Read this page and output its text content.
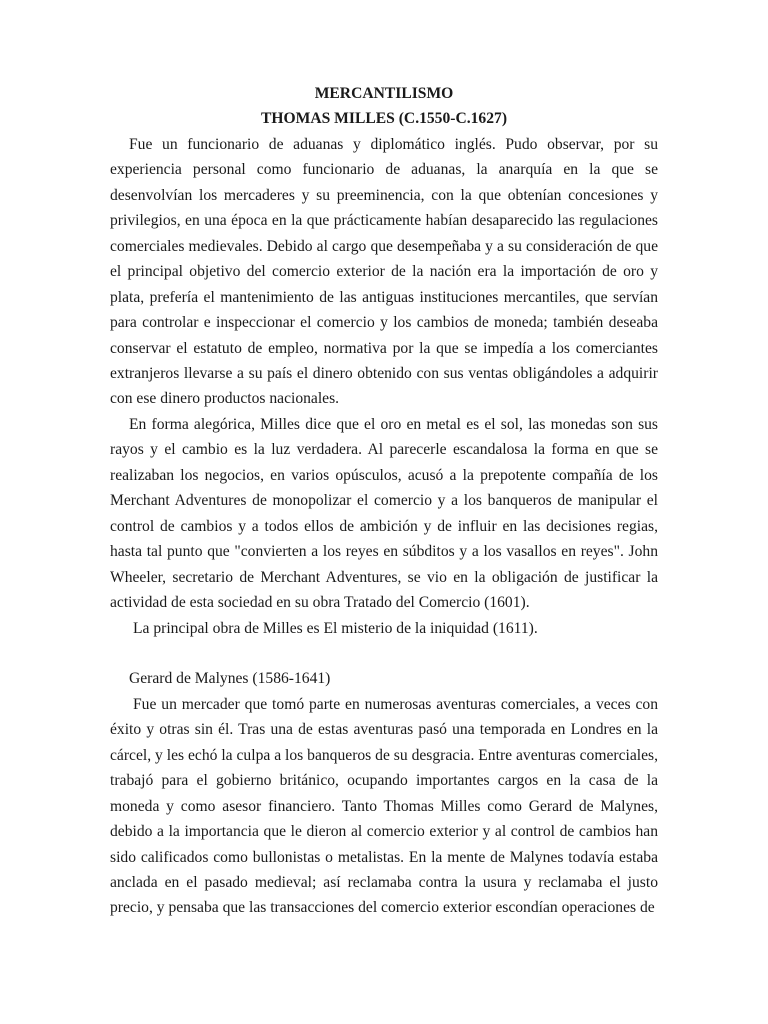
MERCANTILISMO

THOMAS MILLES (C.1550-C.1627)

Fue un funcionario de aduanas y diplomático inglés. Pudo observar, por su experiencia personal como funcionario de aduanas, la anarquía en la que se desenvolvían los mercaderes y su preeminencia, con la que obtenían concesiones y privilegios, en una época en la que prácticamente habían desaparecido las regulaciones comerciales medievales. Debido al cargo que desempeñaba y a su consideración de que el principal objetivo del comercio exterior de la nación era la importación de oro y plata, prefería el mantenimiento de las antiguas instituciones mercantiles, que servían para controlar e inspeccionar el comercio y los cambios de moneda; también deseaba conservar el estatuto de empleo, normativa por la que se impedía a los comerciantes extranjeros llevarse a su país el dinero obtenido con sus ventas obligándoles a adquirir con ese dinero productos nacionales.

En forma alegórica, Milles dice que el oro en metal es el sol, las monedas son sus rayos y el cambio es la luz verdadera. Al parecerle escandalosa la forma en que se realizaban los negocios, en varios opúsculos, acusó a la prepotente compañía de los Merchant Adventures de monopolizar el comercio y a los banqueros de manipular el control de cambios y a todos ellos de ambición y de influir en las decisiones regias, hasta tal punto que "convierten a los reyes en súbditos y a los vasallos en reyes". John Wheeler, secretario de Merchant Adventures, se vio en la obligación de justificar la actividad de esta sociedad en su obra Tratado del Comercio (1601).

La principal obra de Milles es El misterio de la iniquidad (1611).

Gerard de Malynes (1586-1641)

Fue un mercader que tomó parte en numerosas aventuras comerciales, a veces con éxito y otras sin él. Tras una de estas aventuras pasó una temporada en Londres en la cárcel, y les echó la culpa a los banqueros de su desgracia. Entre aventuras comerciales, trabajó para el gobierno británico, ocupando importantes cargos en la casa de la moneda y como asesor financiero. Tanto Thomas Milles como Gerard de Malynes, debido a la importancia que le dieron al comercio exterior y al control de cambios han sido calificados como bullonistas o metalistas. En la mente de Malynes todavía estaba anclada en el pasado medieval; así reclamaba contra la usura y reclamaba el justo precio, y pensaba que las transacciones del comercio exterior escondían operaciones de
